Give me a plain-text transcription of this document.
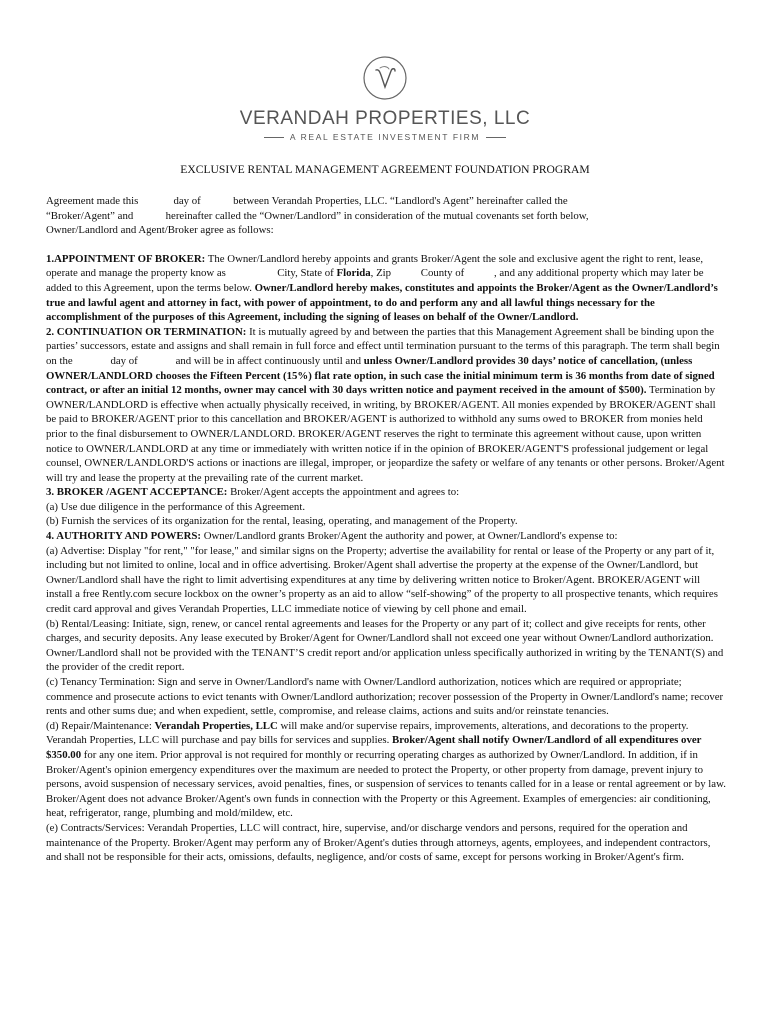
VERANDAH PROPERTIES, LLC
A REAL ESTATE INVESTMENT FIRM
EXCLUSIVE RENTAL MANAGEMENT AGREEMENT FOUNDATION PROGRAM

Agreement made this	day of	between Verandah Properties, LLC. “Landlord's Agent” hereinafter called the
“Broker/Agent” and	hereinafter called the “Owner/Landlord” in consideration of the mutual covenants set forth below,
Owner/Landlord and Agent/Broker agree as follows:

1.APPOINTMENT OF BROKER: The Owner/Landlord hereby appoints and grants Broker/Agent the sole and exclusive agent the right to rent, lease, operate and manage the property know as	City, State of Florida, Zip	County of	, and any additional property which may later be added to this Agreement, upon the terms below. Owner/Landlord hereby makes, constitutes and appoints the Broker/Agent as the Owner/Landlord’s true and lawful agent and attorney in fact, with power of appointment, to do and perform any and all lawful things necessary for the accomplishment of the purposes of this Agreement, including the signing of leases on behalf of the Owner/Landlord.

2. CONTINUATION OR TERMINATION: It is mutually agreed by and between the parties that this Management Agreement shall be binding upon the parties’ successors, estate and assigns and shall remain in full force and effect until termination pursuant to the terms of this paragraph. The term shall begin on the	day of	and will be in affect continuously until and unless Owner/Landlord provides 30 days’ notice of cancellation, (unless OWNER/LANDLORD chooses the Fifteen Percent (15%) flat rate option, in such case the initial minimum term is 36 months from date of signed contract, or after an initial 12 months, owner may cancel with 30 days written notice and payment received in the amount of $500). Termination by OWNER/LANDLORD is effective when actually physically received, in writing, by BROKER/AGENT. All monies expended by BROKER/AGENT shall be paid to BROKER/AGENT prior to this cancellation and BROKER/AGENT is authorized to withhold any sums owed to BROKER from monies held prior to the final disbursement to OWNER/LANDLORD. BROKER/AGENT reserves the right to terminate this agreement without cause, upon written notice to OWNER/LANDLORD at any time or immediately with written notice if in the opinion of BROKER/AGENT'S professional judgement or legal counsel, OWNER/LANDLORD'S actions or inactions are illegal, improper, or jeopardize the safety or welfare of any tenants or other persons. Broker/Agent will try and lease the property at the prevailing rate of the current market.

3. BROKER /AGENT ACCEPTANCE: Broker/Agent accepts the appointment and agrees to:
(a) Use due diligence in the performance of this Agreement.
(b) Furnish the services of its organization for the rental, leasing, operating, and management of the Property.

4. AUTHORITY AND POWERS: Owner/Landlord grants Broker/Agent the authority and power, at Owner/Landlord's expense to:
(a) Advertise: Display "for rent," "for lease," and similar signs on the Property; advertise the availability for rental or lease of the Property or any part of it, including but not limited to online, local and in office advertising. Broker/Agent shall advertise the property at the expense of the Owner/Landlord, but Owner/Landlord shall have the right to limit advertising expenditures at any time by delivering written notice to Broker/Agent. BROKER/AGENT will install a free Rently.com secure lockbox on the owner’s property as an aid to allow “self-showing” of the property to all prospective tenants, which requires credit card approval and gives Verandah Properties, LLC immediate notice of viewing by cell phone and email.
(b) Rental/Leasing: Initiate, sign, renew, or cancel rental agreements and leases for the Property or any part of it; collect and give receipts for rents, other charges, and security deposits. Any lease executed by Broker/Agent for Owner/Landlord shall not exceed one year without Owner/Landlord authorization. Owner/Landlord shall not be provided with the TENANT’S credit report and/or application unless specifically authorized in writing by the TENANT(S) and the provider of the credit report.
(c) Tenancy Termination: Sign and serve in Owner/Landlord's name with Owner/Landlord authorization, notices which are required or appropriate; commence and prosecute actions to evict tenants with Owner/Landlord authorization; recover possession of the Property in Owner/Landlord's name; recover rents and other sums due; and when expedient, settle, compromise, and release claims, actions and suits and/or reinstate tenancies.
(d) Repair/Maintenance: Verandah Properties, LLC will make and/or supervise repairs, improvements, alterations, and decorations to the property. Verandah Properties, LLC will purchase and pay bills for services and supplies. Broker/Agent shall notify Owner/Landlord of all expenditures over $350.00 for any one item. Prior approval is not required for monthly or recurring operating charges as authorized by Owner/Landlord. In addition, if in Broker/Agent's opinion emergency expenditures over the maximum are needed to protect the Property, or other property from damage, prevent injury to persons, avoid suspension of necessary services, avoid penalties, fines, or suspension of services to tenants called for in a lease or rental agreement or by law. Broker/Agent does not advance Broker/Agent's own funds in connection with the Property or this Agreement. Examples of emergencies: air conditioning, heat, refrigerator, range, plumbing and mold/mildew, etc.
(e) Contracts/Services: Verandah Properties, LLC will contract, hire, supervise, and/or discharge vendors and persons, required for the operation and maintenance of the Property. Broker/Agent may perform any of Broker/Agent's duties through attorneys, agents, employees, and independent contractors, and shall not be responsible for their acts, omissions, defaults, negligence, and/or costs of same, except for persons working in Broker/Agent's firm.
